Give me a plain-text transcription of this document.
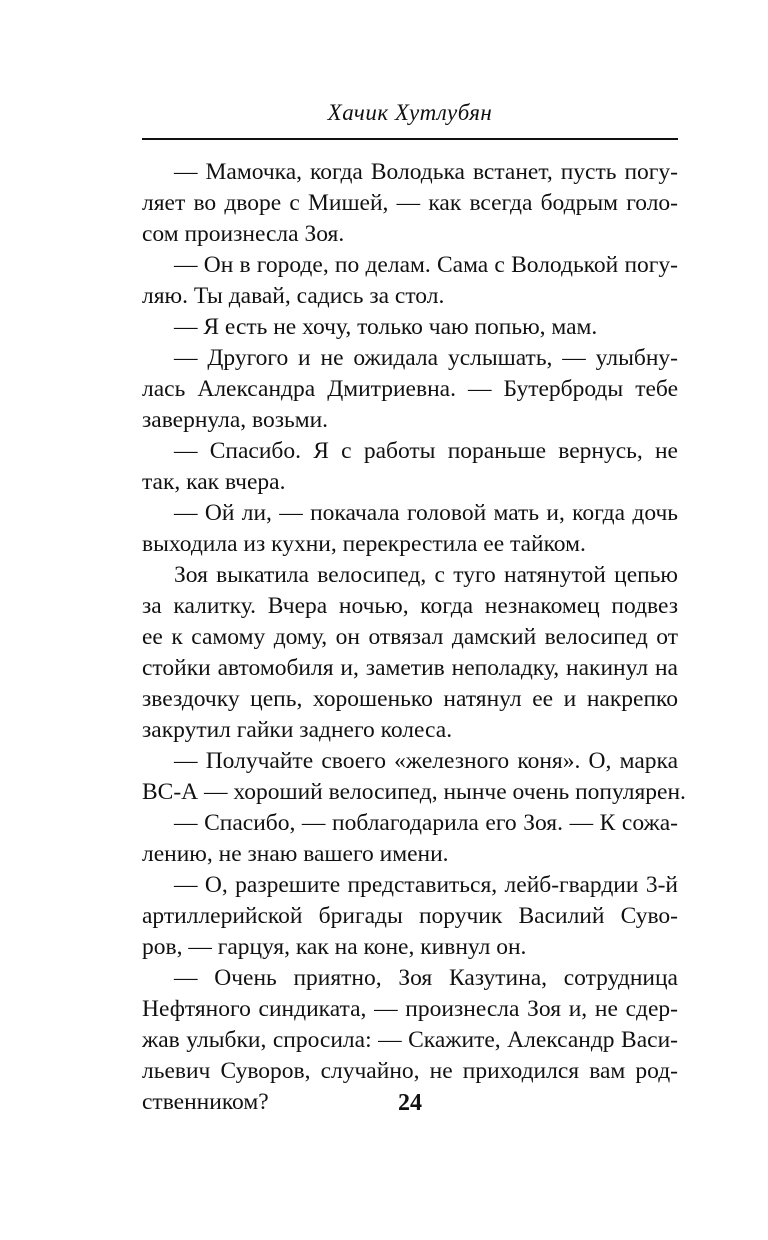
Хачик Хутлубян
— Мамочка, когда Володька встанет, пусть погу-
ляет во дворе с Мишей, — как всегда бодрым голо-
сом произнесла Зоя.
— Он в городе, по делам. Сама с Володькой погу-
ляю. Ты давай, садись за стол.
— Я есть не хочу, только чаю попью, мам.
— Другого и не ожидала услышать, — улыбну-
лась Александра Дмитриевна. — Бутерброды тебе
завернула, возьми.
— Спасибо. Я с работы пораньше вернусь, не
так, как вчера.
— Ой ли, — покачала головой мать и, когда дочь
выходила из кухни, перекрестила ее тайком.
Зоя выкатила велосипед, с туго натянутой цепью
за калитку. Вчера ночью, когда незнакомец подвез
ее к самому дому, он отвязал дамский велосипед от
стойки автомобиля и, заметив неполадку, накинул на
звездочку цепь, хорошенько натянул ее и накрепко
закрутил гайки заднего колеса.
— Получайте своего «железного коня». О, марка
ВС-А — хороший велосипед, нынче очень популярен.
— Спасибо, — поблагодарила его Зоя. — К сожа-
лению, не знаю вашего имени.
— О, разрешите представиться, лейб-гвардии 3-й
артиллерийской бригады поручик Василий Суво-
ров, — гарцуя, как на коне, кивнул он.
— Очень приятно, Зоя Казутина, сотрудница
Нефтяного синдиката, — произнесла Зоя и, не сдер-
жав улыбки, спросила: — Скажите, Александр Васи-
льевич Суворов, случайно, не приходился вам род-
ственником?	24
